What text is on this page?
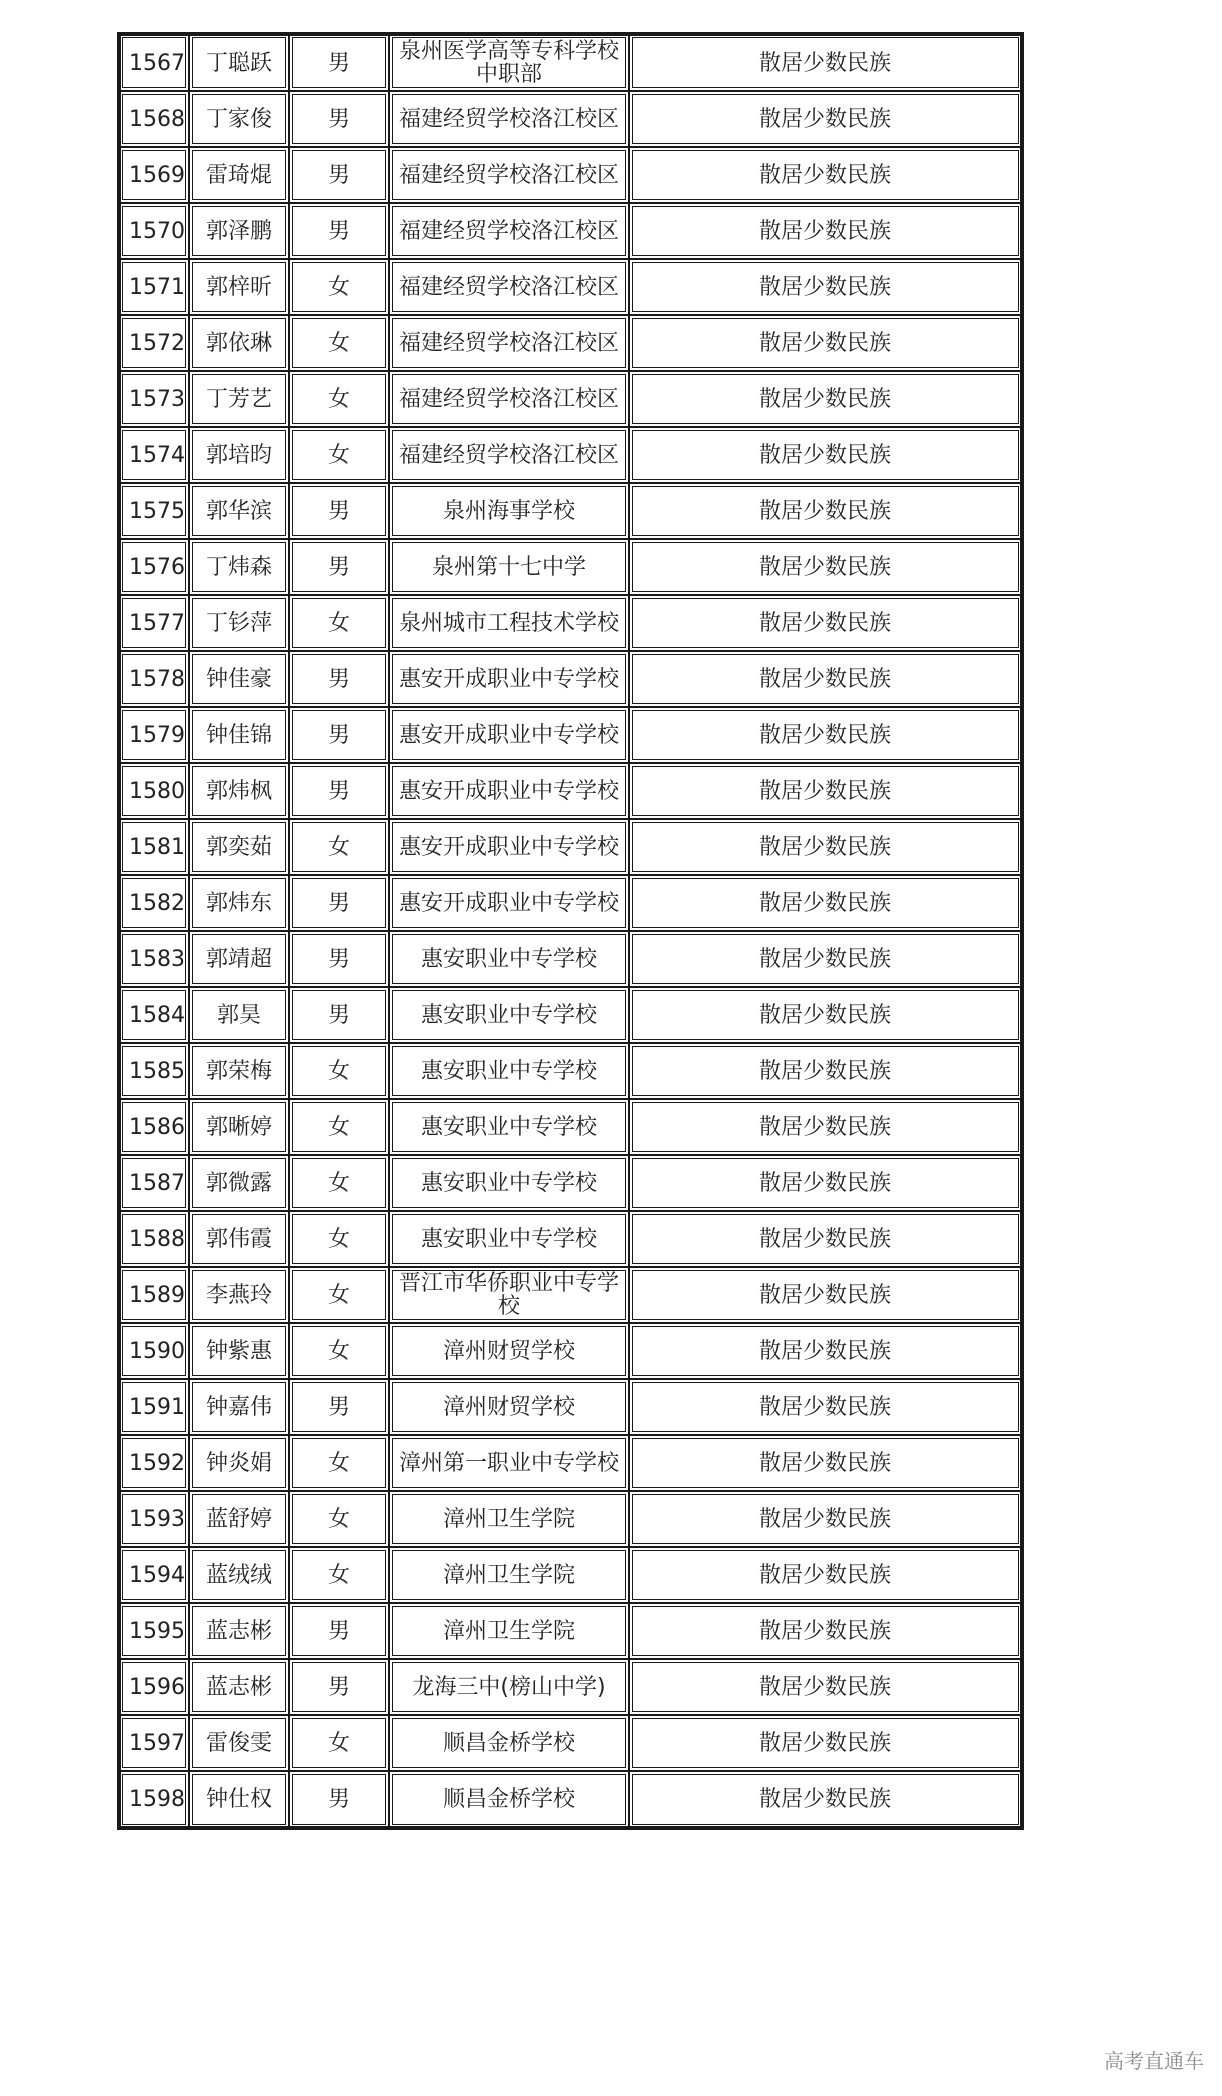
1567	丁聪跃	男	泉州医学高等专科学校中职部	散居少数民族
1568	丁家俊	男	福建经贸学校洛江校区	散居少数民族
1569	雷琦焜	男	福建经贸学校洛江校区	散居少数民族
1570	郭泽鹏	男	福建经贸学校洛江校区	散居少数民族
1571	郭梓昕	女	福建经贸学校洛江校区	散居少数民族
1572	郭依琳	女	福建经贸学校洛江校区	散居少数民族
1573	丁芳艺	女	福建经贸学校洛江校区	散居少数民族
1574	郭培昀	女	福建经贸学校洛江校区	散居少数民族
1575	郭华滨	男	泉州海事学校	散居少数民族
1576	丁炜森	男	泉州第十七中学	散居少数民族
1577	丁钐萍	女	泉州城市工程技术学校	散居少数民族
1578	钟佳豪	男	惠安开成职业中专学校	散居少数民族
1579	钟佳锦	男	惠安开成职业中专学校	散居少数民族
1580	郭炜枫	男	惠安开成职业中专学校	散居少数民族
1581	郭奕茹	女	惠安开成职业中专学校	散居少数民族
1582	郭炜东	男	惠安开成职业中专学校	散居少数民族
1583	郭靖超	男	惠安职业中专学校	散居少数民族
1584	郭昊	男	惠安职业中专学校	散居少数民族
1585	郭荣梅	女	惠安职业中专学校	散居少数民族
1586	郭晰婷	女	惠安职业中专学校	散居少数民族
1587	郭微露	女	惠安职业中专学校	散居少数民族
1588	郭伟霞	女	惠安职业中专学校	散居少数民族
1589	李燕玲	女	晋江市华侨职业中专学校	散居少数民族
1590	钟紫惠	女	漳州财贸学校	散居少数民族
1591	钟嘉伟	男	漳州财贸学校	散居少数民族
1592	钟炎娟	女	漳州第一职业中专学校	散居少数民族
1593	蓝舒婷	女	漳州卫生学院	散居少数民族
1594	蓝绒绒	女	漳州卫生学院	散居少数民族
1595	蓝志彬	男	漳州卫生学院	散居少数民族
1596	蓝志彬	男	龙海三中(榜山中学)	散居少数民族
1597	雷俊雯	女	顺昌金桥学校	散居少数民族
1598	钟仕权	男	顺昌金桥学校	散居少数民族
高考直通车
